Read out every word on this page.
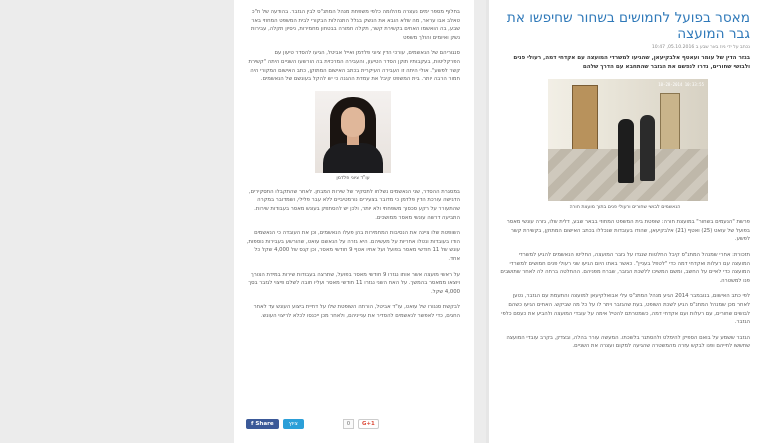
מאסר בפועל לחמושים בשחור שחיפשו את גבר המועצה
נכתב על ידי ניוז באר שבע ב 05.10.2016, 10:47
בגזר הדין של עומר ועאטף אלבקיעאן, שהגיעו למשרדי המועצה עם אקדחי דמה, רעולי פנים ולבושי שחורים, נדרו לנפשם את הגזבר שהתחבא עם הדרך שלהם
10-28-2014 10:33:55
הנאשמים לבושי שחורים ורעולי פנים בתוך מועצת חורה

פרשת "הנעמים בשחור" במועצת חורה: שופטת בית המשפט המחוזי בבאר שבע, דלית שלו, גזרה עונשי מאסר בפועל של עואט (25) ואטף (21) אלבקיעאן, שהודו בעובדות שנכללו בכתב האישום המתוקן, בקשירת קשר לפשע.

תזכורת: אחרי שמנהל המתנ"ס קיבל החלטות שנגדו על גזבר המועצה, החליטו הנאשמים להגיע למשרדי המועצה עם רעלות ואקדחי דמה כדי "לטפל בעניין". כאשר באתו היום הגיעו שני רעולי פנים חמושים למשרדי המועצה כדי לאיים על החשב, ומשם המשיכו ללשכת הגזבר, שברח מפניהם. ההחלטה ברחה לה לאחר שתושבים פנו למשטרה.

לפי כתב האישום, בנובמבר 2014 הגיע מנהל המתנ"ס עלי אבואלקיעאן למועצה והתעמת עם הגזבר, נטען לאחר מכן שמנהל המתנ"ס הגיע לשכת השופט, בעת שהגזבר ויתר לו על כל מה שביקש. האחים הגיעו כשהם לבושים שחורים, עם רעלות ועם אקדחי דמה, כשמטרתם להטיל אימה על עובדי המועצה ולהביע את כעסם כלפי הגזבר.

הגזבר ששמע על בואם הספיק להימלט ולהסתגר בלשכתו. המעשה עורר בהלה, ובצדק, בקרב עובדי המועצה שחששו לחייהם ופנו לבקש עזרה מהמשטרה שהגיעה למקום ועצרה את השניים.

בחלוף מספר ימים נעצרה מהלומה כלפי משפחת מנהל המתנ"ס לבין הגזבר. בהודעה של ח"כ טאלב אבו עראר, מה שלא הובא את הנשק בגלל התנהלות הבקורי לבית המשפט המחוזי באר שבע, בה הואשמו האחים בקשירת קשר, תקלה חמורה בבטחון מחמירות, ניסיון תקלה, עבירות נשק ואיומים והולך משפט

סנגוריהם של הנאשמים, עורכי הדין ציוני פלדמן ואייל אביטל, הגיעו להסדר טיעון עם הפרקליטות, בעקבותיו תוקן הסדר הטיעון, והעבירה המרכזית בה הורשעו השניים היתה "קשירת קשר לפשע". אולי היתה זו העבירה העיקרית בכתב האישום המתוקן, כתב האישום המקורי היה חמור הרבה יותר. בית המשפט קיבל את עמדת ההגנה כי יש להקל בעונשם של הנאשמים.

עו"ד ציוני פלדמן

במסגרת ההסדר, שני הנאשמים נשלחו לתסקיר של שירות המבחן. לאחר שהתקבלו התסקירים, הדגישה עורכת הדין פלדמן כי מדובר בצעירים נורמטיביים ללא עבר פלילי, ושמדובר במקרה שהתעורר על רקע סכסוך משפחתי ולא יותר, ולכן יש להסתפק בעונש מאסר בעבודות שירות. התביעה דרשה עונשי מאסר ממושכים.

השופטת שלו ציינה את הנסיבות המחמירות בהן פעלו הנאשמים, וכן את העובדה כי הנאשמים הודו בעובדות ונטלו אחריות על מעשיהם. היא גזרה על הנאשם עואט, שהורשע בעבירות נוספות, עונש של 11 חודשי מאסר בפועל ועל אחיו אטף 9 חודשי מאסר, וכן קנס של 4,000 שקל כל אחד.

על ראשי מועצה אשר אותו נגזרו 9 חודשי מאסר בפועל, שתרצה בעבודות שירות במידת הצורך ויוצאו ממאסר בהמשך. על האח השני נגזרו 11 חודשי מאסר ועליו חובה לשלם פיצוי לגזבר בסך 4,000 שקל.

לבקשת סנגורו של עואט, עו"ד אביטל, הורתה השופטת שלו על דחיית ביצוע העונש עד לאחר החגים, כדי לאפשר לנאשמים להסדיר את ענייניהם, ולאחר מכן ייכנסו לכלא לריצוי העונש.

f Share	ציוץ	0	G+1
